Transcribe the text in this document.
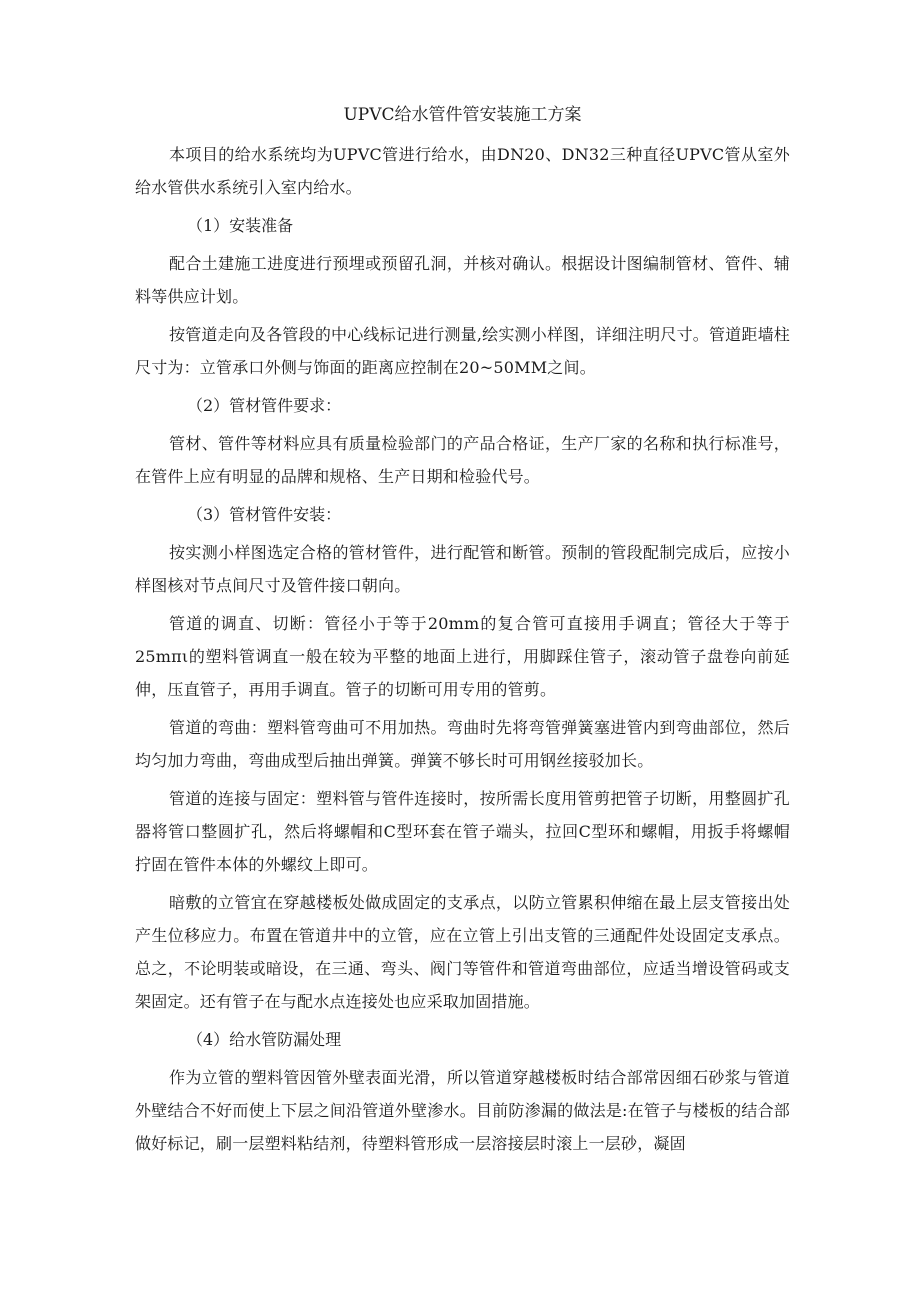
UPVC给水管件管安装施工方案

本项目的给水系统均为UPVC管进行给水，由DN20、DN32三种直径UPVC管从室外给水管供水系统引入室内给水。

（1）安装准备

配合土建施工进度进行预埋或预留孔洞，并核对确认。根据设计图编制管材、管件、辅料等供应计划。

按管道走向及各管段的中心线标记进行测量,绘实测小样图，详细注明尺寸。管道距墙柱尺寸为：立管承口外侧与饰面的距离应控制在20~50MM之间。

（2）管材管件要求：

管材、管件等材料应具有质量检验部门的产品合格证，生产厂家的名称和执行标准号，在管件上应有明显的品牌和规格、生产日期和检验代号。

（3）管材管件安装：

按实测小样图选定合格的管材管件，进行配管和断管。预制的管段配制完成后，应按小样图核对节点间尺寸及管件接口朝向。

管道的调直、切断：管径小于等于20mm的复合管可直接用手调直；管径大于等于25mπι的塑料管调直一般在较为平整的地面上进行，用脚踩住管子，滚动管子盘卷向前延伸，压直管子，再用手调直。管子的切断可用专用的管剪。

管道的弯曲：塑料管弯曲可不用加热。弯曲时先将弯管弹簧塞进管内到弯曲部位，然后均匀加力弯曲，弯曲成型后抽出弹簧。弹簧不够长时可用钢丝接驳加长。

管道的连接与固定：塑料管与管件连接时，按所需长度用管剪把管子切断，用整圆扩孔器将管口整圆扩孔，然后将螺帽和C型环套在管子端头，拉回C型环和螺帽，用扳手将螺帽拧固在管件本体的外螺纹上即可。

暗敷的立管宜在穿越楼板处做成固定的支承点，以防立管累积伸缩在最上层支管接出处产生位移应力。布置在管道井中的立管，应在立管上引出支管的三通配件处设固定支承点。总之，不论明装或暗设，在三通、弯头、阀门等管件和管道弯曲部位，应适当增设管码或支架固定。还有管子在与配水点连接处也应采取加固措施。

（4）给水管防漏处理

作为立管的塑料管因管外壁表面光滑，所以管道穿越楼板时结合部常因细石砂浆与管道外壁结合不好而使上下层之间沿管道外壁渗水。目前防渗漏的做法是:在管子与楼板的结合部做好标记，刷一层塑料粘结剂，待塑料管形成一层溶接层时滚上一层砂，凝固
